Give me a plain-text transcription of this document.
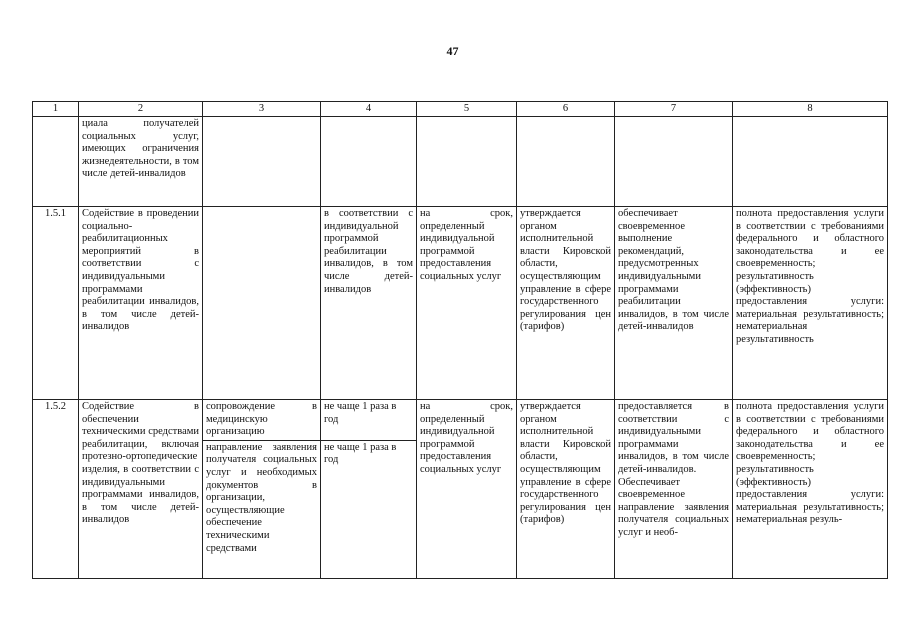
47
1	2	3	4	5	6	7	8
	циала получателей социальных услуг, имеющих ограничения жизнедеятельности, в том числе детей-инвалидов						
1.5.1	Содействие в проведении социально-реабилитационных мероприятий в соответствии с индивидуальными программами реабилитации инвалидов, в том числе детей-инвалидов		в соответствии с индивидуальной программой реабилитации инвалидов, в том числе детей-инвалидов	на срок, определенный индивидуальной программой предоставления социальных услуг	утверждается органом исполнительной власти Кировской области, осуществляющим управление в сфере государственного регулирования цен (тарифов)	обеспечивает своевременное выполнение рекомендаций, предусмотренных индивидуальными программами реабилитации инвалидов, в том числе детей-инвалидов	полнота предоставления услуги в соответствии с требованиями федерального и областного законодательства и ее своевременность; результативность (эффективность) предоставления услуги: материальная результативность; нематериальная результативность
1.5.2	Содействие в обеспечении техническими средствами реабилитации, включая протезно-ортопедические изделия, в соответствии с индивидуальными программами инвалидов, в том числе детей-инвалидов	сопровождение в медицинскую организацию	не чаще 1 раза в год	на срок, определенный индивидуальной программой предоставления социальных услуг	утверждается органом исполнительной власти Кировской области, осуществляющим управление в сфере государственного регулирования цен (тарифов)	предоставляется в соответствии с индивидуальными программами инвалидов, в том числе детей-инвалидов. Обеспечивает своевременное направление заявления получателя социальных услуг и необ-	полнота предоставления услуги в соответствии с требованиями федерального и областного законодательства и ее своевременность; результативность (эффективность) предоставления услуги: материальная результативность; нематериальная резуль-
		направление заявления получателя социальных услуг и необходимых документов в организации, осуществляющие обеспечение техническими средствами	не чаще 1 раза в год				
